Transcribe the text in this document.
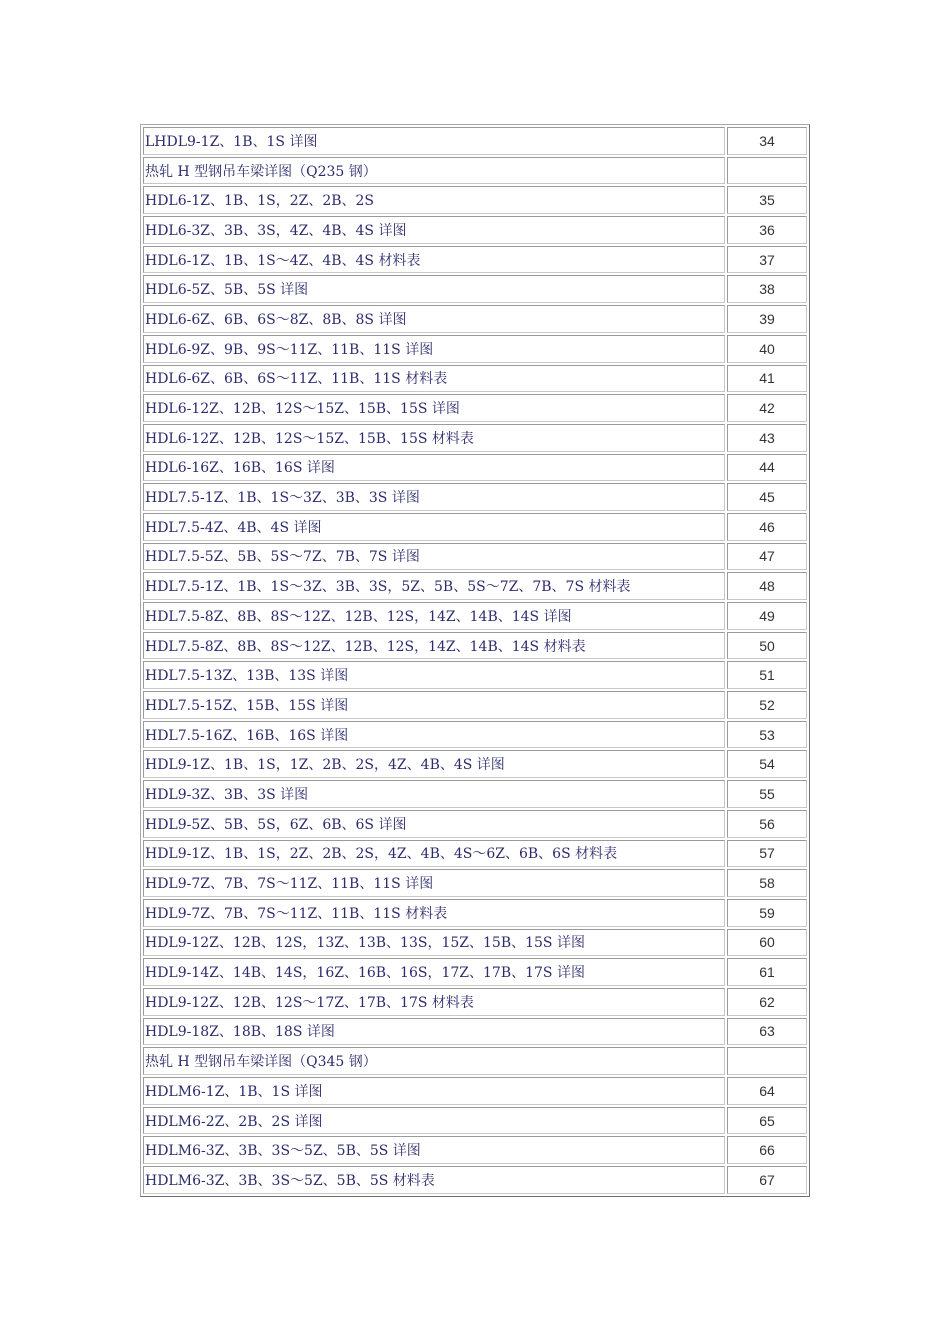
LHDL9-1Z、1B、1S 详图	34
热轧 H 型钢吊车梁详图（Q235 钢）
HDL6-1Z、1B、1S，2Z、2B、2S	35
HDL6-3Z、3B、3S，4Z、4B、4S 详图	36
HDL6-1Z、1B、1S～4Z、4B、4S 材料表	37
HDL6-5Z、5B、5S 详图	38
HDL6-6Z、6B、6S～8Z、8B、8S 详图	39
HDL6-9Z、9B、9S～11Z、11B、11S 详图	40
HDL6-6Z、6B、6S～11Z、11B、11S 材料表	41
HDL6-12Z、12B、12S～15Z、15B、15S 详图	42
HDL6-12Z、12B、12S～15Z、15B、15S 材料表	43
HDL6-16Z、16B、16S 详图	44
HDL7.5-1Z、1B、1S～3Z、3B、3S 详图	45
HDL7.5-4Z、4B、4S 详图	46
HDL7.5-5Z、5B、5S～7Z、7B、7S 详图	47
HDL7.5-1Z、1B、1S～3Z、3B、3S，5Z、5B、5S～7Z、7B、7S 材料表	48
HDL7.5-8Z、8B、8S～12Z、12B、12S，14Z、14B、14S 详图	49
HDL7.5-8Z、8B、8S～12Z、12B、12S，14Z、14B、14S 材料表	50
HDL7.5-13Z、13B、13S 详图	51
HDL7.5-15Z、15B、15S 详图	52
HDL7.5-16Z、16B、16S 详图	53
HDL9-1Z、1B、1S，1Z、2B、2S，4Z、4B、4S 详图	54
HDL9-3Z、3B、3S 详图	55
HDL9-5Z、5B、5S，6Z、6B、6S 详图	56
HDL9-1Z、1B、1S，2Z、2B、2S，4Z、4B、4S～6Z、6B、6S 材料表	57
HDL9-7Z、7B、7S～11Z、11B、11S 详图	58
HDL9-7Z、7B、7S～11Z、11B、11S 材料表	59
HDL9-12Z、12B、12S，13Z、13B、13S，15Z、15B、15S 详图	60
HDL9-14Z、14B、14S，16Z、16B、16S，17Z、17B、17S 详图	61
HDL9-12Z、12B、12S～17Z、17B、17S 材料表	62
HDL9-18Z、18B、18S 详图	63
热轧 H 型钢吊车梁详图（Q345 钢）
HDLM6-1Z、1B、1S 详图	64
HDLM6-2Z、2B、2S 详图	65
HDLM6-3Z、3B、3S～5Z、5B、5S 详图	66
HDLM6-3Z、3B、3S～5Z、5B、5S 材料表	67
